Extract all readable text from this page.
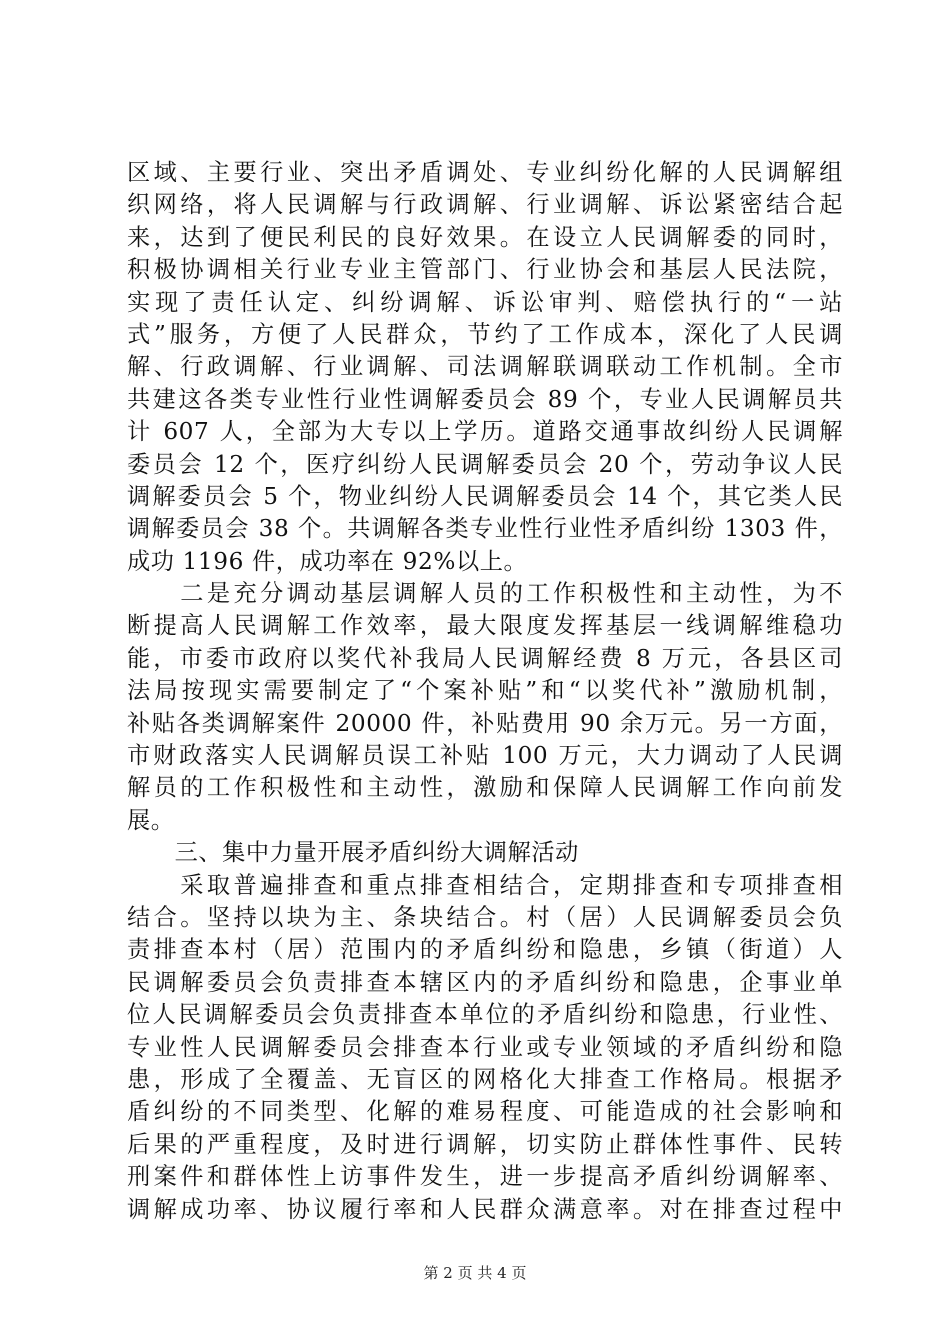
区域、主要行业、突出矛盾调处、专业纠纷化解的人民调解组
织网络，将人民调解与行政调解、行业调解、诉讼紧密结合起
来，达到了便民利民的良好效果。在设立人民调解委的同时，
积极协调相关行业专业主管部门、行业协会和基层人民法院，
实现了责任认定、纠纷调解、诉讼审判、赔偿执行的“一站
式”服务，方便了人民群众，节约了工作成本，深化了人民调
解、行政调解、行业调解、司法调解联调联动工作机制。全市
共建这各类专业性行业性调解委员会 89 个，专业人民调解员共
计 607 人，全部为大专以上学历。道路交通事故纠纷人民调解
委员会 12 个，医疗纠纷人民调解委员会 20 个，劳动争议人民
调解委员会 5 个，物业纠纷人民调解委员会 14 个，其它类人民
调解委员会 38 个。共调解各类专业性行业性矛盾纠纷 1303 件，
成功 1196 件，成功率在 92%以上。
　　二是充分调动基层调解人员的工作积极性和主动性，为不
断提高人民调解工作效率，最大限度发挥基层一线调解维稳功
能，市委市政府以奖代补我局人民调解经费 8 万元，各县区司
法局按现实需要制定了“个案补贴”和“以奖代补”激励机制，
补贴各类调解案件 20000 件，补贴费用 90 余万元。另一方面，
市财政落实人民调解员误工补贴 100 万元，大力调动了人民调
解员的工作积极性和主动性，激励和保障人民调解工作向前发
展。
　　三、集中力量开展矛盾纠纷大调解活动
　　采取普遍排查和重点排查相结合，定期排查和专项排查相
结合。坚持以块为主、条块结合。村（居）人民调解委员会负
责排查本村（居）范围内的矛盾纠纷和隐患，乡镇（街道）人
民调解委员会负责排查本辖区内的矛盾纠纷和隐患，企事业单
位人民调解委员会负责排查本单位的矛盾纠纷和隐患，行业性、
专业性人民调解委员会排查本行业或专业领域的矛盾纠纷和隐
患，形成了全覆盖、无盲区的网格化大排查工作格局。根据矛
盾纠纷的不同类型、化解的难易程度、可能造成的社会影响和
后果的严重程度，及时进行调解，切实防止群体性事件、民转
刑案件和群体性上访事件发生，进一步提高矛盾纠纷调解率、
调解成功率、协议履行率和人民群众满意率。对在排查过程中
第 2 页 共 4 页
